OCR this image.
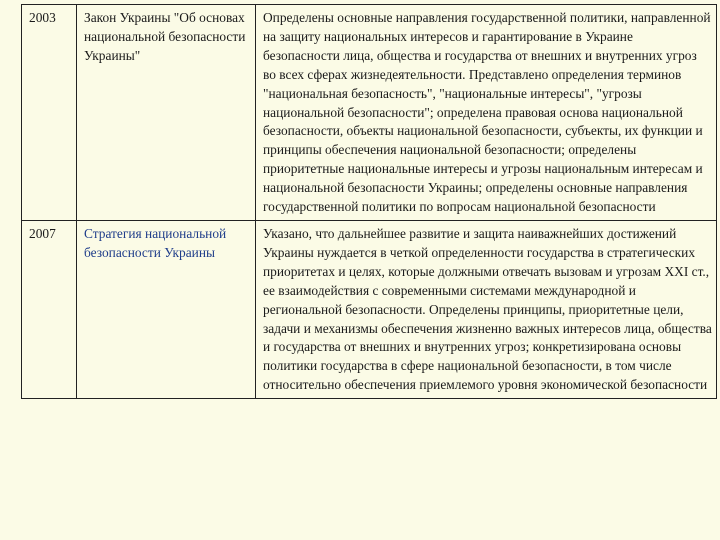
2003	Закон Украины "Об основах национальной безопасности Украины"	Определены основные направления государственной политики, направленной на защиту национальных интересов и гарантирование в Украине безопасности лица, общества и государства от внешних и внутренних угроз во всех сферах жизнедеятельности. Представлено определения терминов "национальная безопасность", "национальные интересы", "угрозы национальной безопасности"; определена правовая основа национальной безопасности, объекты национальной безопасности, субъекты, их функции и принципы обеспечения национальной безопасности; определены приоритетные национальные интересы и угрозы национальным интересам и национальной безопасности Украины; определены основные направления государственной политики по вопросам национальной безопасности

2007	Стратегия национальной безопасности Украины	Указано, что дальнейшее развитие и защита наиважнейших достижений Украины нуждается в четкой определенности государства в стратегических приоритетах и целях, которые должными отвечать вызовам и угрозам XXI ст., ее взаимодействия с современными системами международной и региональной безопасности. Определены принципы, приоритетные цели, задачи и механизмы обеспечения жизненно важных интересов лица, общества и государства от внешних и внутренних угроз; конкретизирована основы политики государства в сфере национальной безопасности, в том числе относительно обеспечения приемлемого уровня экономической безопасности
